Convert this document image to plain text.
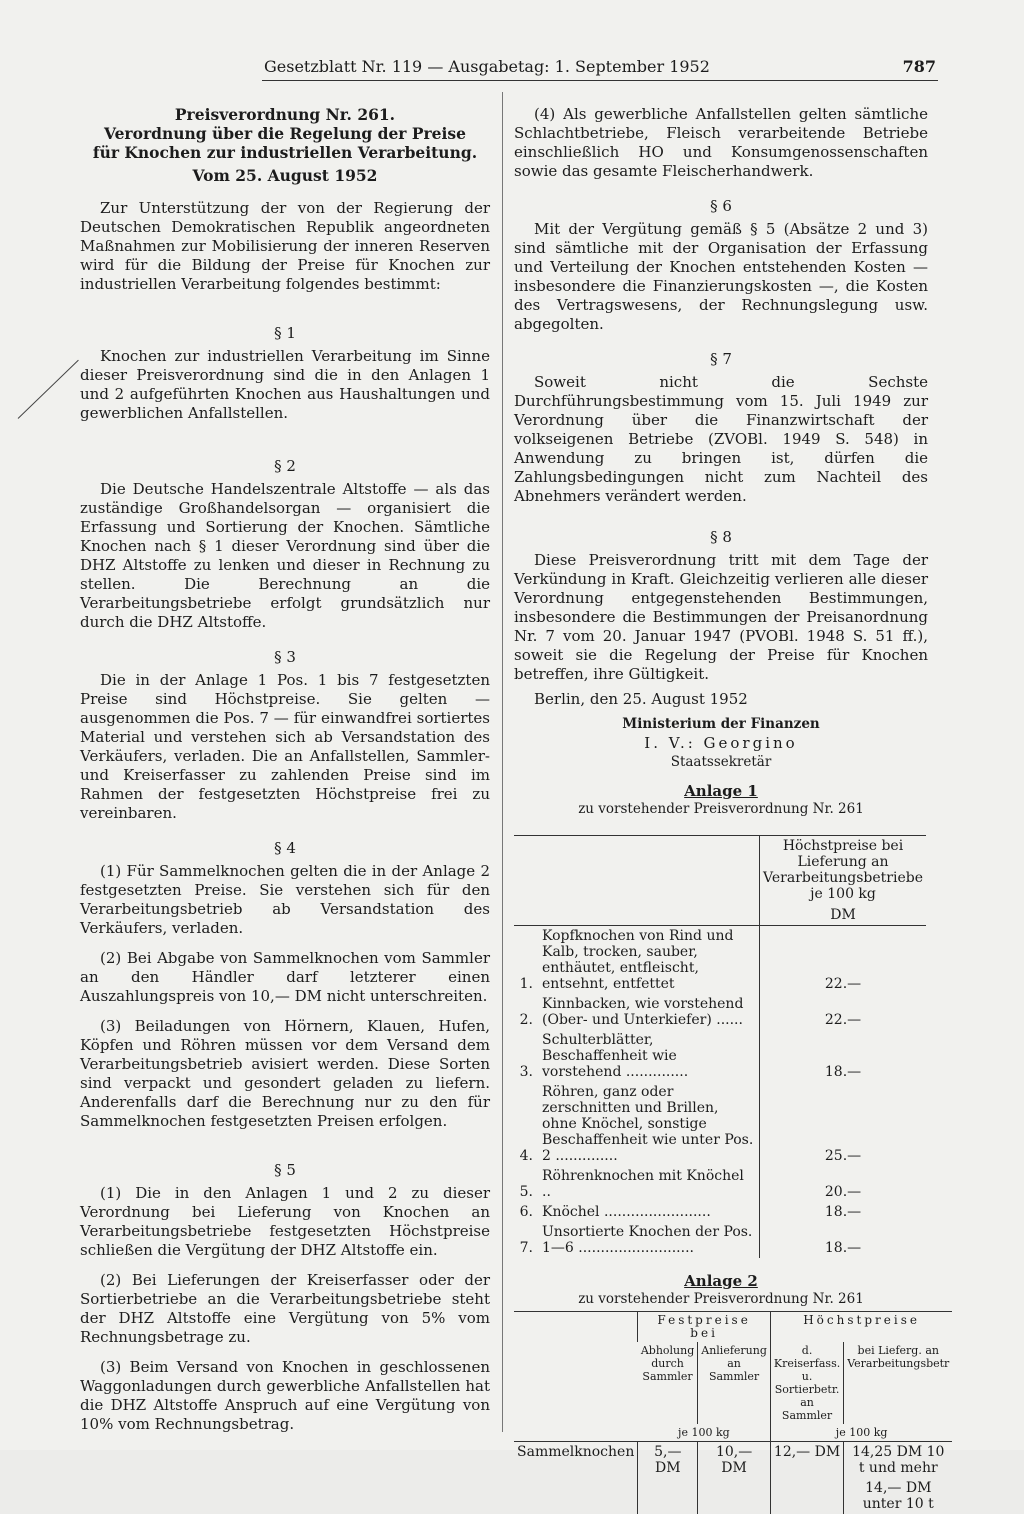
Gesetzblatt Nr. 119 — Ausgabetag: 1. September 1952	787
Preisverordnung Nr. 261.
Verordnung über die Regelung der Preise
für Knochen zur industriellen Verarbeitung.
Vom 25. August 1952

Zur Unterstützung der von der Regierung der Deutschen Demokratischen Republik angeordneten Maßnahmen zur Mobilisierung der inneren Reserven wird für die Bildung der Preise für Knochen zur industriellen Verarbeitung folgendes bestimmt:

§ 1

Knochen zur industriellen Verarbeitung im Sinne dieser Preisverordnung sind die in den Anlagen 1 und 2 aufgeführten Knochen aus Haushaltungen und gewerblichen Anfallstellen.

§ 2

Die Deutsche Handelszentrale Altstoffe — als das zuständige Großhandelsorgan — organisiert die Erfassung und Sortierung der Knochen. Sämtliche Knochen nach § 1 dieser Verordnung sind über die DHZ Altstoffe zu lenken und dieser in Rechnung zu stellen. Die Berechnung an die Verarbeitungsbetriebe erfolgt grundsätzlich nur durch die DHZ Altstoffe.

§ 3

Die in der Anlage 1 Pos. 1 bis 7 festgesetzten Preise sind Höchstpreise. Sie gelten — ausgenommen die Pos. 7 — für einwandfrei sortiertes Material und verstehen sich ab Versandstation des Verkäufers, verladen. Die an Anfallstellen, Sammler- und Kreiserfasser zu zahlenden Preise sind im Rahmen der festgesetzten Höchstpreise frei zu vereinbaren.

§ 4

(1) Für Sammelknochen gelten die in der Anlage 2 festgesetzten Preise. Sie verstehen sich für den Verarbeitungsbetrieb ab Versandstation des Verkäufers, verladen.

(2) Bei Abgabe von Sammelknochen vom Sammler an den Händler darf letzterer einen Auszahlungspreis von 10,— DM nicht unterschreiten.

(3) Beiladungen von Hörnern, Klauen, Hufen, Köpfen und Röhren müssen vor dem Versand dem Verarbeitungsbetrieb avisiert werden. Diese Sorten sind verpackt und gesondert geladen zu liefern. Anderenfalls darf die Berechnung nur zu den für Sammelknochen festgesetzten Preisen erfolgen.

§ 5

(1) Die in den Anlagen 1 und 2 zu dieser Verordnung bei Lieferung von Knochen an Verarbeitungsbetriebe festgesetzten Höchstpreise schließen die Vergütung der DHZ Altstoffe ein.

(2) Bei Lieferungen der Kreiserfasser oder der Sortierbetriebe an die Verarbeitungsbetriebe steht der DHZ Altstoffe eine Vergütung von 5% vom Rechnungsbetrage zu.

(3) Beim Versand von Knochen in geschlossenen Waggonladungen durch gewerbliche Anfallstellen hat die DHZ Altstoffe Anspruch auf eine Vergütung von 10% vom Rechnungsbetrag.

(4) Als gewerbliche Anfallstellen gelten sämtliche Schlachtbetriebe, Fleisch verarbeitende Betriebe einschließlich HO und Konsumgenossenschaften sowie das gesamte Fleischerhandwerk.

§ 6

Mit der Vergütung gemäß § 5 (Absätze 2 und 3) sind sämtliche mit der Organisation der Erfassung und Verteilung der Knochen entstehenden Kosten — insbesondere die Finanzierungskosten —, die Kosten des Vertragswesens, der Rechnungslegung usw. abgegolten.

§ 7

Soweit nicht die Sechste Durchführungsbestimmung vom 15. Juli 1949 zur Verordnung über die Finanzwirtschaft der volkseigenen Betriebe (ZVOBl. 1949 S. 548) in Anwendung zu bringen ist, dürfen die Zahlungsbedingungen nicht zum Nachteil des Abnehmers verändert werden.

§ 8

Diese Preisverordnung tritt mit dem Tage der Verkündung in Kraft. Gleichzeitig verlieren alle dieser Verordnung entgegenstehenden Bestimmungen, insbesondere die Bestimmungen der Preisanordnung Nr. 7 vom 20. Januar 1947 (PVOBl. 1948 S. 51 ff.), soweit sie die Regelung der Preise für Knochen betreffen, ihre Gültigkeit.

Berlin, den 25. August 1952

Ministerium der Finanzen
I. V.: Georgino
Staatssekretär
Anlage 1
zu vorstehender Preisverordnung Nr. 261

		Höchstpreise bei Lieferung an Verarbeitungsbetriebe je 100 kg
DM

1.	Kopfknochen von Rind und Kalb, trocken, sauber, enthäutet, entfleischt, entsehnt, entfettet	22.—
2.	Kinnbacken, wie vorstehend (Ober- und Unterkiefer) ......	22.—
3.	Schulterblätter, Beschaffenheit wie vorstehend ..............	18.—
4.	Röhren, ganz oder zerschnitten und Brillen, ohne Knöchel, sonstige Beschaffenheit wie unter Pos. 2 ..............	25.—
5.	Röhrenknochen mit Knöchel ..	20.—
6.	Knöchel ........................	18.—
7.	Unsortierte Knochen der Pos. 1—6 ..........................	18.—
Anlage 2
zu vorstehender Preisverordnung Nr. 261
	Festpreise bei		Höchstpreise	
	Abholung durch Sammler	Anlieferung an Sammler	d. Kreiserfass. u. Sortierbetr. an Sammler	bei Lieferg. an Verarbeitungsbetr
	je 100 kg		je 100 kg	
Sammelknochen	5,— DM	10,— DM	12,— DM	14,25 DM 10 t und mehr
14,— DM unter 10 t
